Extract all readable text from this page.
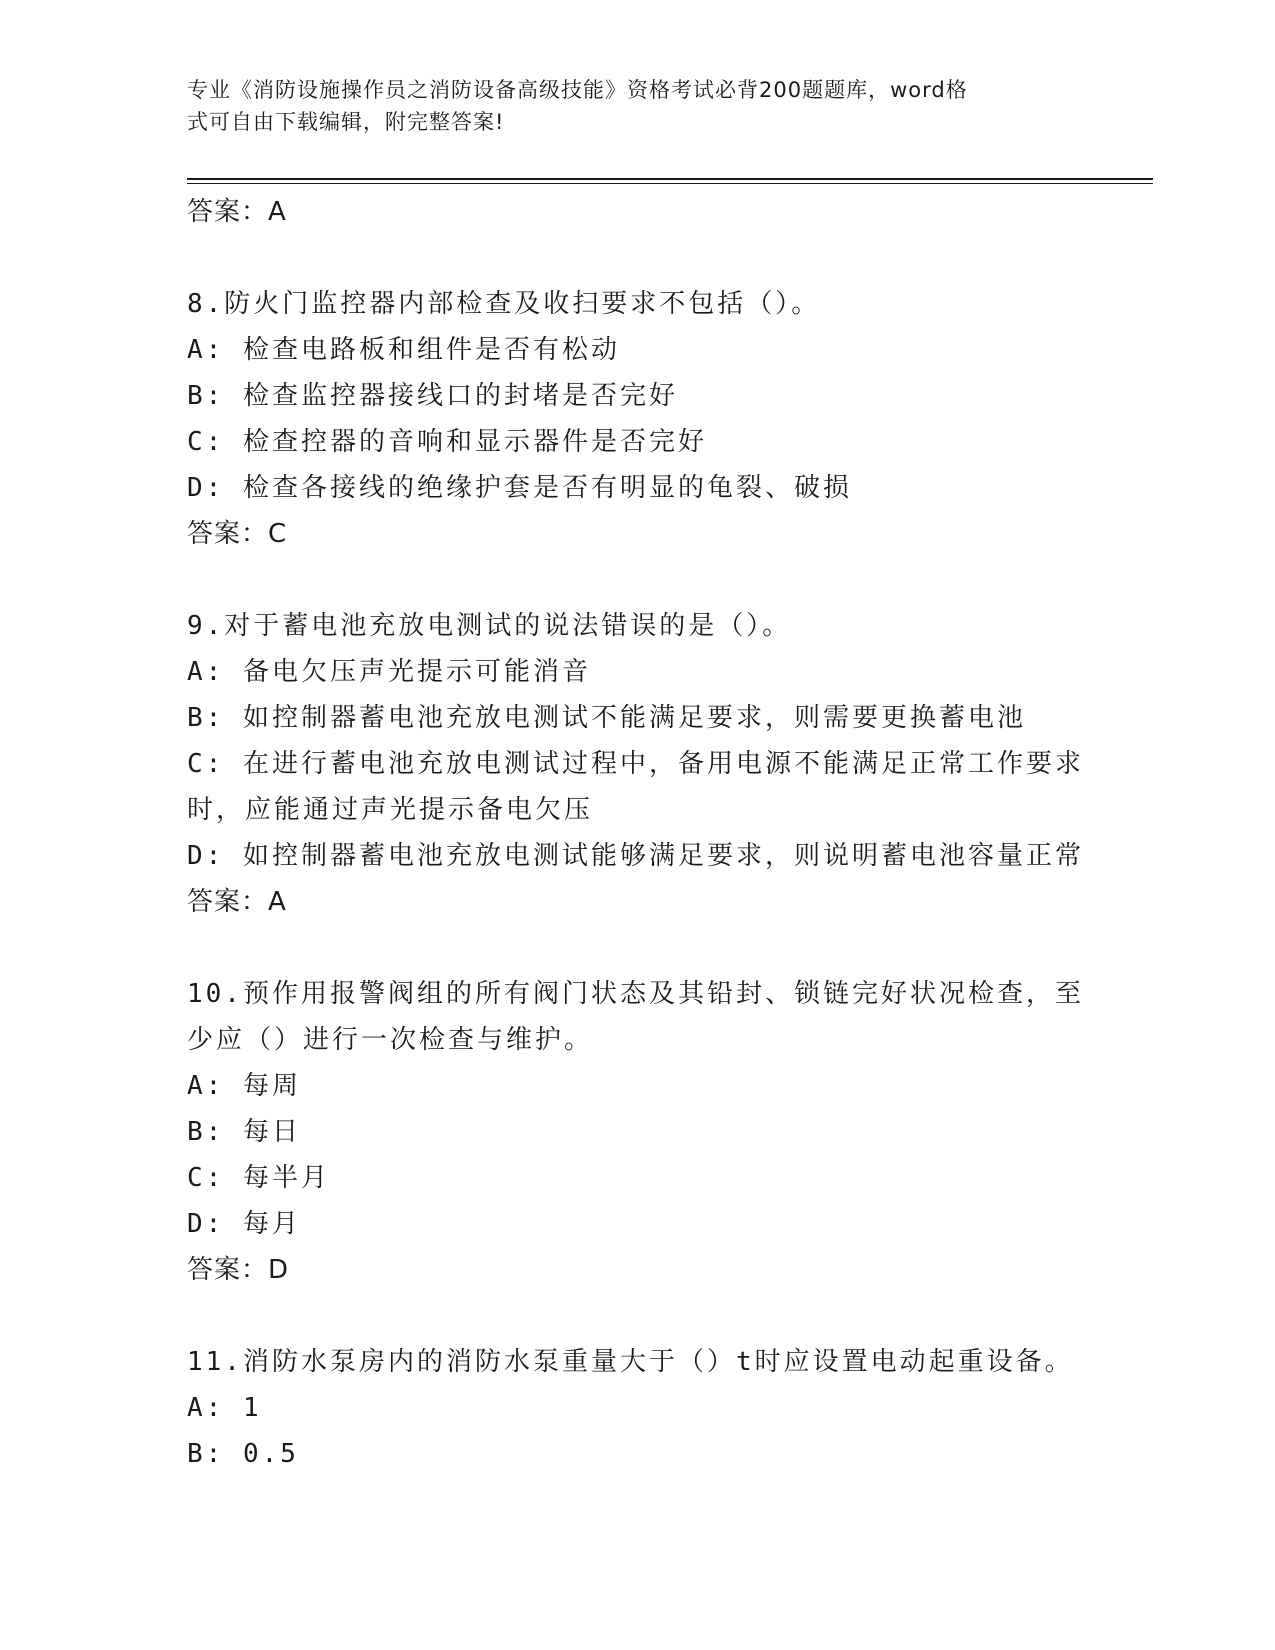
专业《消防设施操作员之消防设备高级技能》资格考试必背200题题库，word格
式可自由下载编辑，附完整答案!
答案：A
8.防火门监控器内部检查及收扫要求不包括（）。
A: 检查电路板和组件是否有松动
B: 检查监控器接线口的封堵是否完好
C: 检查控器的音响和显示器件是否完好
D: 检查各接线的绝缘护套是否有明显的龟裂、破损
答案：C
9.对于蓄电池充放电测试的说法错误的是（）。
A: 备电欠压声光提示可能消音
B: 如控制器蓄电池充放电测试不能满足要求，则需要更换蓄电池
C: 在进行蓄电池充放电测试过程中，备用电源不能满足正常工作要求
时，应能通过声光提示备电欠压
D: 如控制器蓄电池充放电测试能够满足要求，则说明蓄电池容量正常
答案：A
10.预作用报警阀组的所有阀门状态及其铅封、锁链完好状况检查，至
少应（）进行一次检查与维护。
A: 每周
B: 每日
C: 每半月
D: 每月
答案：D
11.消防水泵房内的消防水泵重量大于（）t时应设置电动起重设备。
A: 1
B: 0.5
